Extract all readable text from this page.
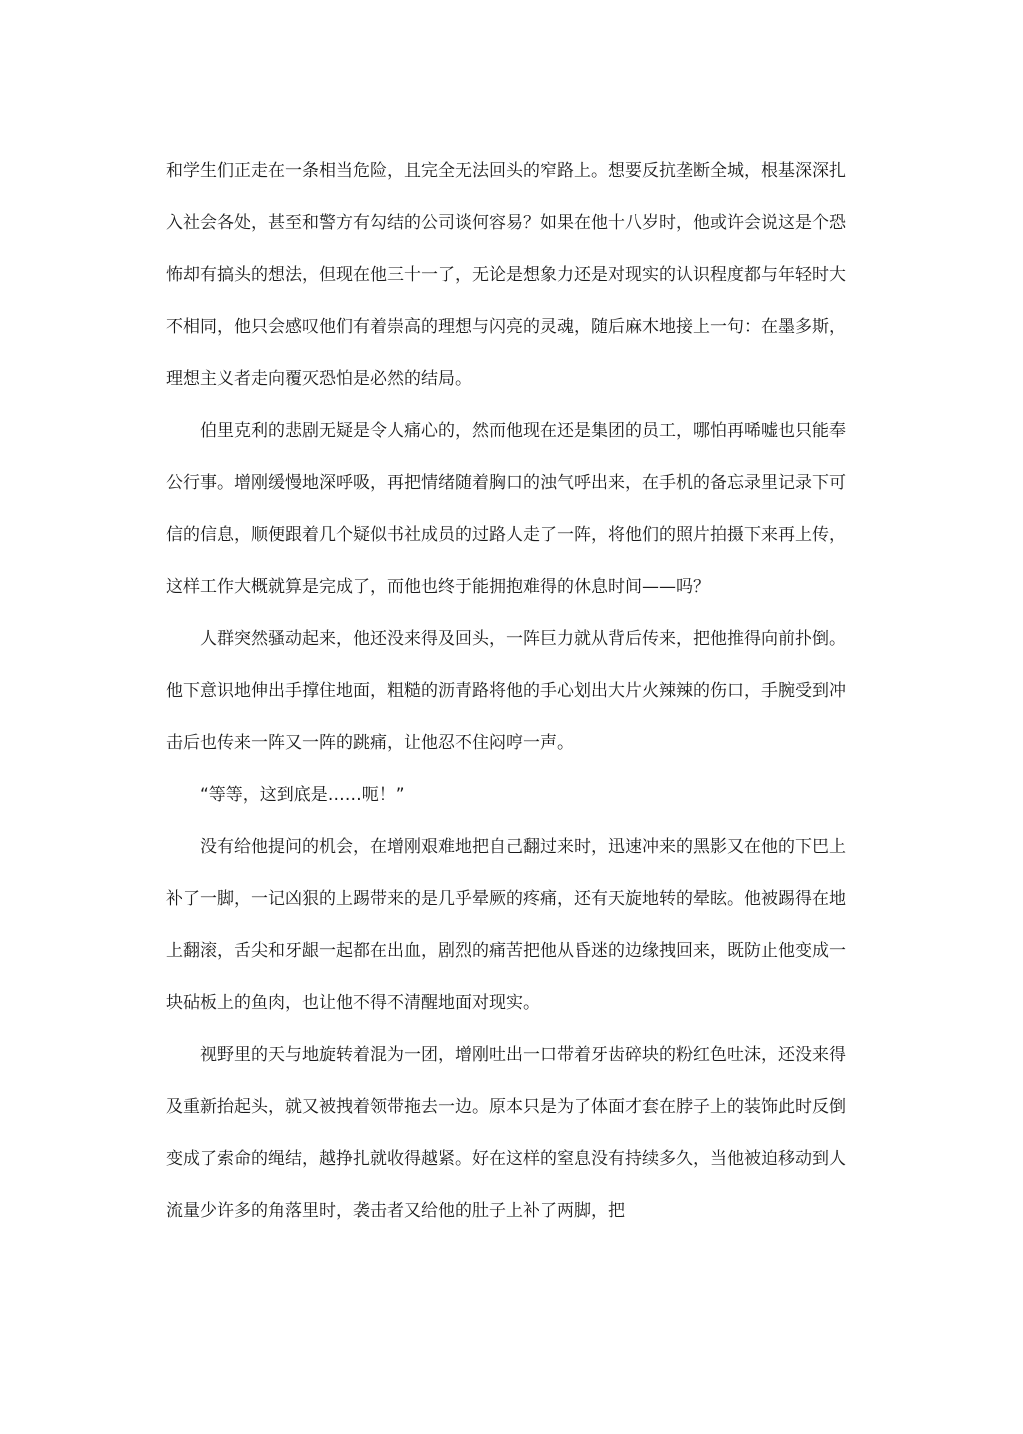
和学生们正走在一条相当危险，且完全无法回头的窄路上。想要反抗垄断全城，根基深深扎入社会各处，甚至和警方有勾结的公司谈何容易？如果在他十八岁时，他或许会说这是个恐怖却有搞头的想法，但现在他三十一了，无论是想象力还是对现实的认识程度都与年轻时大不相同，他只会感叹他们有着崇高的理想与闪亮的灵魂，随后麻木地接上一句：在墨多斯，理想主义者走向覆灭恐怕是必然的结局。

伯里克利的悲剧无疑是令人痛心的，然而他现在还是集团的员工，哪怕再唏嘘也只能奉公行事。增刚缓慢地深呼吸，再把情绪随着胸口的浊气呼出来，在手机的备忘录里记录下可信的信息，顺便跟着几个疑似书社成员的过路人走了一阵，将他们的照片拍摄下来再上传，这样工作大概就算是完成了，而他也终于能拥抱难得的休息时间——吗？

人群突然骚动起来，他还没来得及回头，一阵巨力就从背后传来，把他推得向前扑倒。他下意识地伸出手撑住地面，粗糙的沥青路将他的手心划出大片火辣辣的伤口，手腕受到冲击后也传来一阵又一阵的跳痛，让他忍不住闷哼一声。

“等等，这到底是……呃！”

没有给他提问的机会，在增刚艰难地把自己翻过来时，迅速冲来的黑影又在他的下巴上补了一脚，一记凶狠的上踢带来的是几乎晕厥的疼痛，还有天旋地转的晕眩。他被踢得在地上翻滚，舌尖和牙龈一起都在出血，剧烈的痛苦把他从昏迷的边缘拽回来，既防止他变成一块砧板上的鱼肉，也让他不得不清醒地面对现实。

视野里的天与地旋转着混为一团，增刚吐出一口带着牙齿碎块的粉红色吐沫，还没来得及重新抬起头，就又被拽着领带拖去一边。原本只是为了体面才套在脖子上的装饰此时反倒变成了索命的绳结，越挣扎就收得越紧。好在这样的窒息没有持续多久，当他被迫移动到人流量少许多的角落里时，袭击者又给他的肚子上补了两脚，把
